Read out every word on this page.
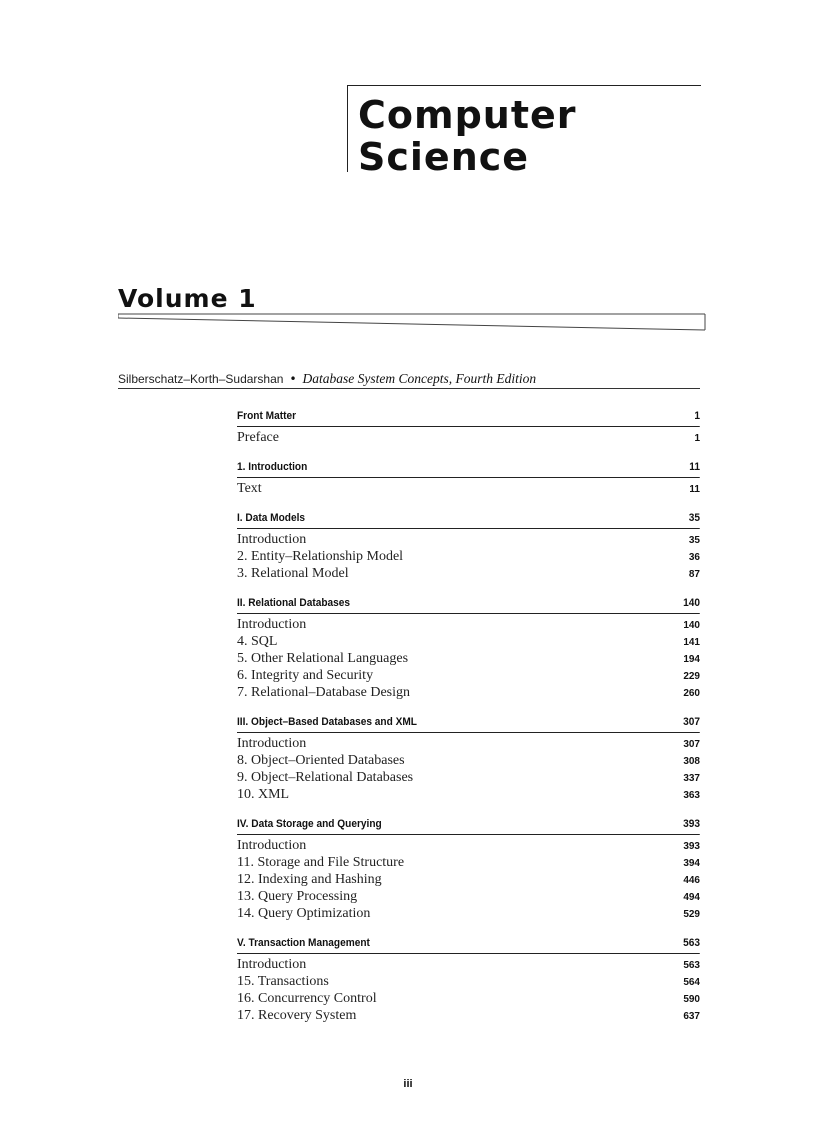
Computer
Science
Volume 1
Silberschatz–Korth–Sudarshan • Database System Concepts, Fourth Edition
Front Matter	1
Preface	1
1. Introduction	11
Text	11
I. Data Models	35
Introduction	35
2. Entity–Relationship Model	36
3. Relational Model	87
II. Relational Databases	140
Introduction	140
4. SQL	141
5. Other Relational Languages	194
6. Integrity and Security	229
7. Relational–Database Design	260
III. Object–Based Databases and XML	307
Introduction	307
8. Object–Oriented Databases	308
9. Object–Relational Databases	337
10. XML	363
IV. Data Storage and Querying	393
Introduction	393
11. Storage and File Structure	394
12. Indexing and Hashing	446
13. Query Processing	494
14. Query Optimization	529
V. Transaction Management	563
Introduction	563
15. Transactions	564
16. Concurrency Control	590
17. Recovery System	637
iii
